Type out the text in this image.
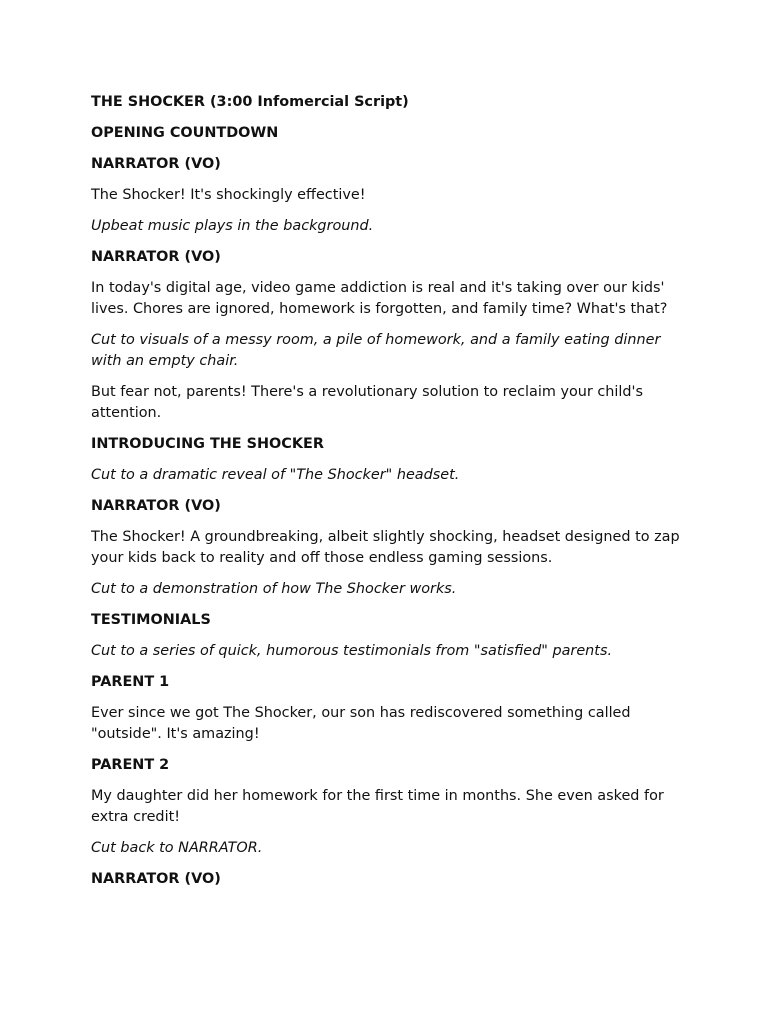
THE SHOCKER (3:00 Infomercial Script)

OPENING COUNTDOWN

NARRATOR (VO)

The Shocker! It's shockingly effective!

Upbeat music plays in the background.

NARRATOR (VO)

In today's digital age, video game addiction is real and it's taking over our kids' lives. Chores are ignored, homework is forgotten, and family time? What's that?

Cut to visuals of a messy room, a pile of homework, and a family eating dinner with an empty chair.

But fear not, parents! There's a revolutionary solution to reclaim your child's attention.

INTRODUCING THE SHOCKER

Cut to a dramatic reveal of "The Shocker" headset.

NARRATOR (VO)

The Shocker! A groundbreaking, albeit slightly shocking, headset designed to zap your kids back to reality and off those endless gaming sessions.

Cut to a demonstration of how The Shocker works.

TESTIMONIALS

Cut to a series of quick, humorous testimonials from "satisfied" parents.

PARENT 1

Ever since we got The Shocker, our son has rediscovered something called "outside". It's amazing!

PARENT 2

My daughter did her homework for the first time in months. She even asked for extra credit!

Cut back to NARRATOR.

NARRATOR (VO)
